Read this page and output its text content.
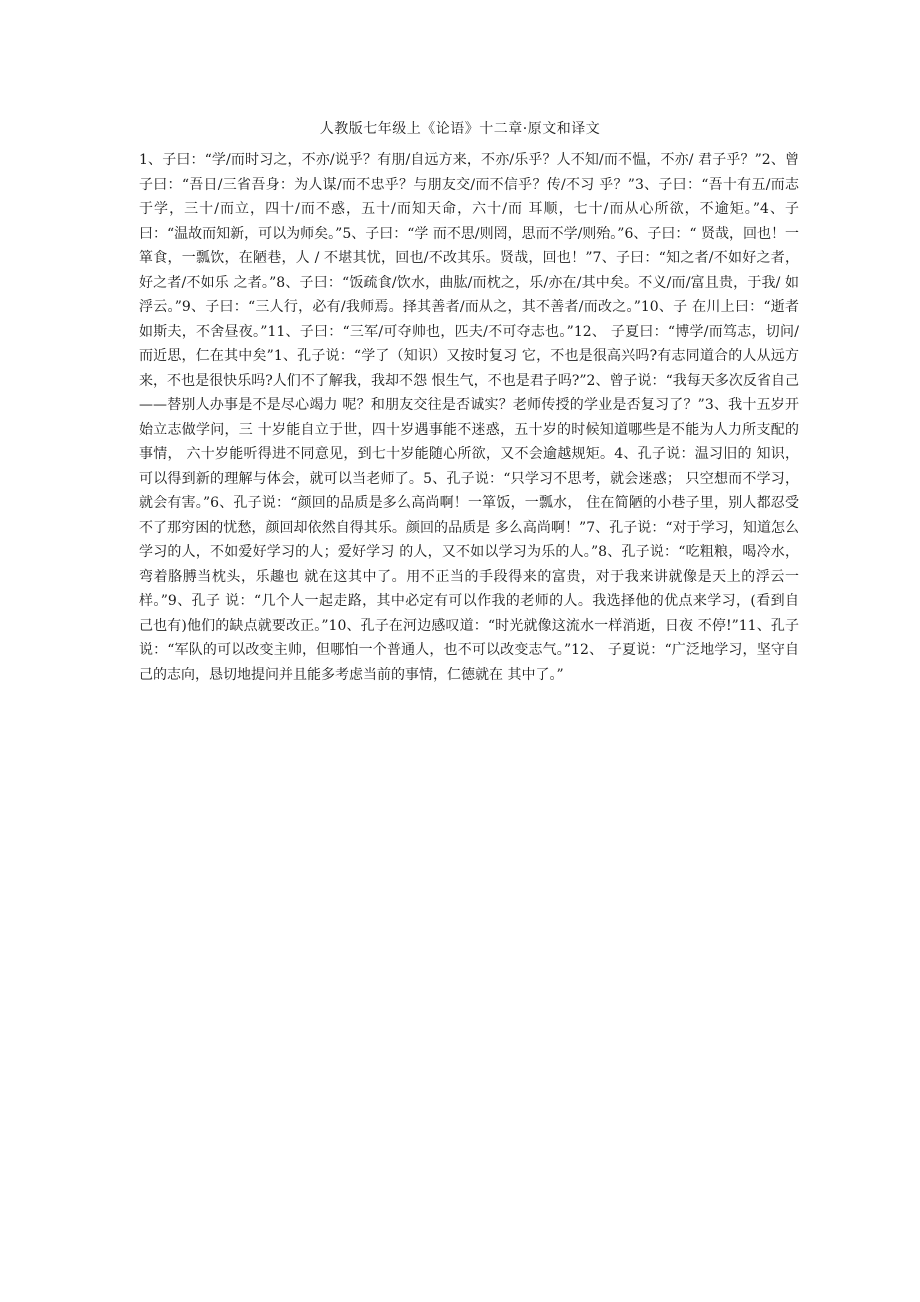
人教版七年级上《论语》十二章·原文和译文

1、子曰：“学/而时习之，不亦/说乎？有朋/自远方来，不亦/乐乎？人不知/而不愠，不亦/ 君子乎？”2、曾子曰：“吾日/三省吾身：为人谋/而不忠乎？与朋友交/而不信乎？传/不习 乎？”3、子曰：“吾十有五/而志于学，三十/而立，四十/而不惑，五十/而知天命，六十/而 耳顺，七十/而从心所欲，不逾矩。”4、子曰：“温故而知新，可以为师矣。”5、子曰：“学 而不思/则罔，思而不学/则殆。”6、子曰：“ 贤哉，回也！一箪食，一瓢饮，在陋巷，人 / 不堪其忧，回也/不改其乐。贤哉，回也！”7、子曰：“知之者/不如好之者，好之者/不如乐 之者。”8、子曰：“饭疏食/饮水，曲肱/而枕之，乐/亦在/其中矣。不义/而/富且贵，于我/ 如浮云。”9、子曰：“三人行，必有/我师焉。择其善者/而从之，其不善者/而改之。”10、子 在川上曰：“逝者如斯夫，不舍昼夜。”11、子曰：“三军/可夺帅也，匹夫/不可夺志也。”12、 子夏曰：“博学/而笃志，切问/而近思，仁在其中矣”1、孔子说：“学了（知识）又按时复习 它，不也是很高兴吗?有志同道合的人从远方来，不也是很快乐吗?人们不了解我，我却不怨 恨生气，不也是君子吗?”2、曾子说：“我每天多次反省自己——替别人办事是不是尽心竭力 呢？和朋友交往是否诚实？老师传授的学业是否复习了？”3、我十五岁开始立志做学问，三 十岁能自立于世，四十岁遇事能不迷惑，五十岁的时候知道哪些是不能为人力所支配的事情， 六十岁能听得进不同意见，到七十岁能随心所欲，又不会逾越规矩。4、孔子说：温习旧的 知识，可以得到新的理解与体会，就可以当老师了。5、孔子说：“只学习不思考，就会迷惑； 只空想而不学习，就会有害。”6、孔子说：“颜回的品质是多么高尚啊！一箪饭，一瓢水， 住在简陋的小巷子里，别人都忍受不了那穷困的忧愁，颜回却依然自得其乐。颜回的品质是 多么高尚啊！”7、孔子说：“对于学习，知道怎么学习的人，不如爱好学习的人；爱好学习 的人，又不如以学习为乐的人。”8、孔子说：“吃粗粮，喝冷水，弯着胳膊当枕头，乐趣也 就在这其中了。用不正当的手段得来的富贵，对于我来讲就像是天上的浮云一样。”9、孔子 说：“几个人一起走路，其中必定有可以作我的老师的人。我选择他的优点来学习，(看到自 己也有)他们的缺点就要改正。”10、孔子在河边感叹道：“时光就像这流水一样消逝，日夜 不停!”11、孔子说：“军队的可以改变主帅，但哪怕一个普通人，也不可以改变志气。”12、 子夏说：“广泛地学习，坚守自己的志向，恳切地提问并且能多考虑当前的事情，仁德就在 其中了。”
